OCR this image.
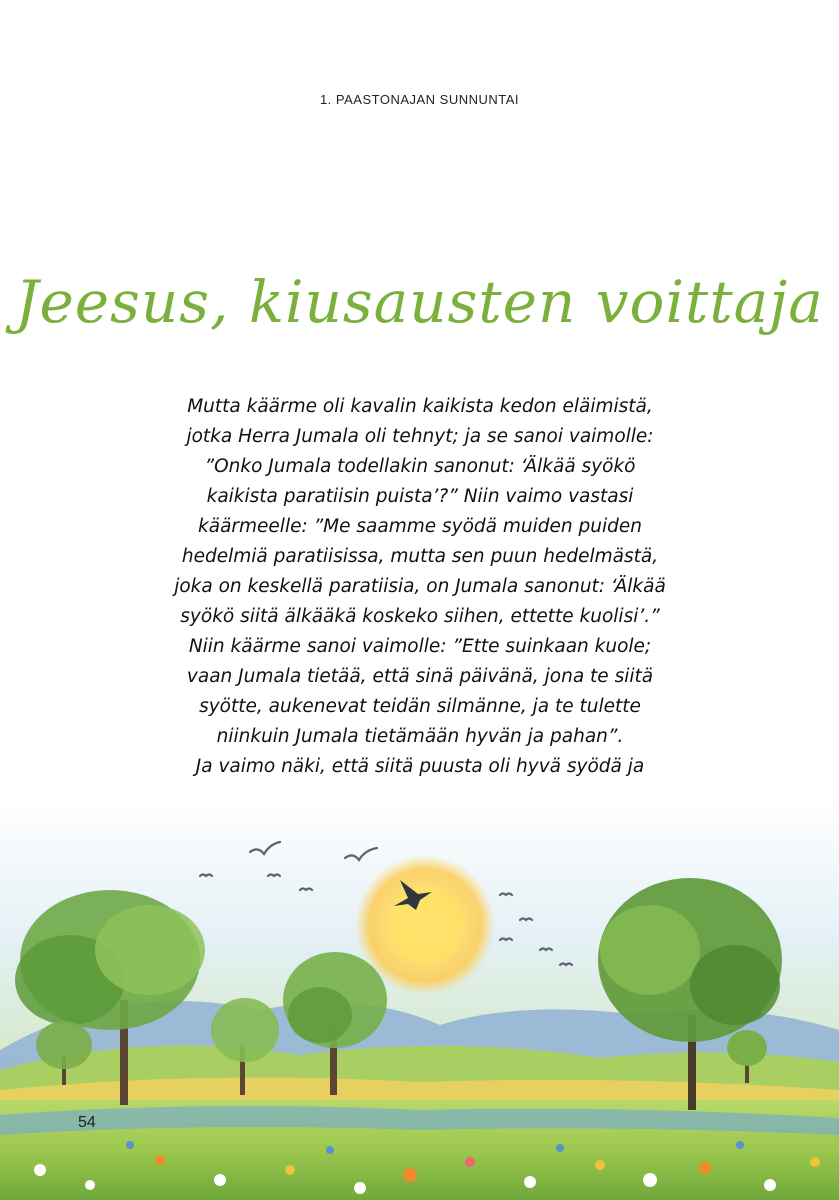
1. PAASTONAJAN SUNNUNTAI
Jeesus, kiusausten voittaja
Mutta käärme oli kavalin kaikista kedon eläimistä,
jotka Herra Jumala oli tehnyt; ja se sanoi vaimolle:
”Onko Jumala todellakin sanonut: ‘Älkää syökö
kaikista paratiisin puista’?” Niin vaimo vastasi
käärmeelle: ”Me saamme syödä muiden puiden
hedelmiä paratiisissa, mutta sen puun hedelmästä,
joka on keskellä paratiisia, on Jumala sanonut: ‘Älkää
syökö siitä älkääkä koskeko siihen, ettette kuolisi’.”
Niin käärme sanoi vaimolle: ”Ette suinkaan kuole;
vaan Jumala tietää, että sinä päivänä, jona te siitä
syötte, aukenevat teidän silmänne, ja te tulette
niinkuin Jumala tietämään hyvän ja pahan”.
Ja vaimo näki, että siitä puusta oli hyvä syödä ja
54
